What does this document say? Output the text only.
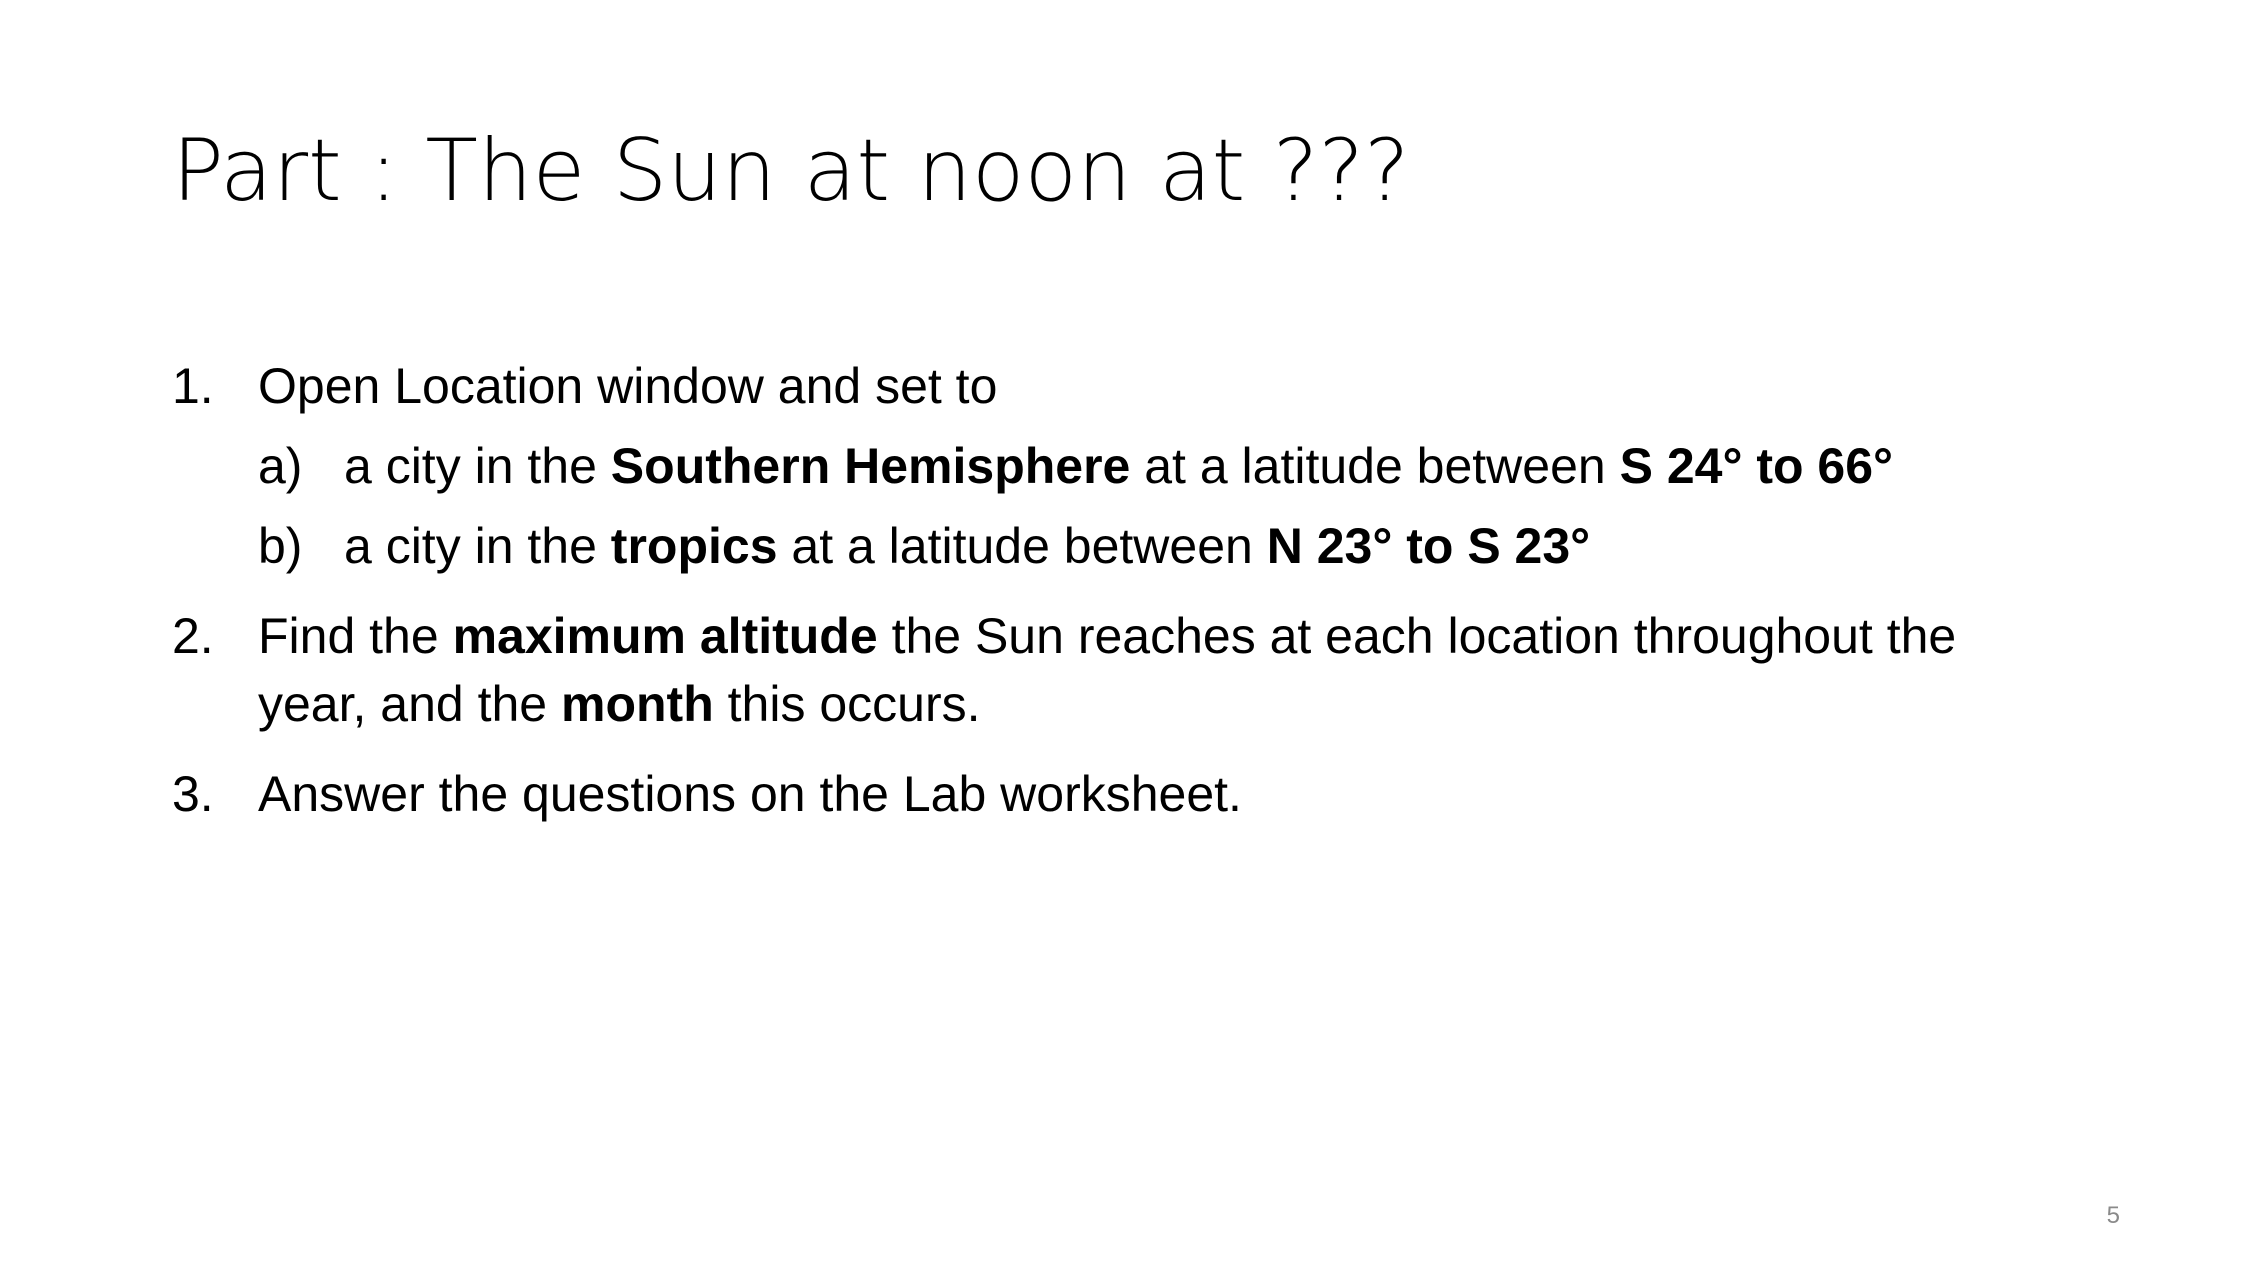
Part : The Sun at noon at ???
1. Open Location window and set to
a) a city in the Southern Hemisphere at a latitude between S 24° to 66°
b) a city in the tropics at a latitude between N 23° to S 23°
2. Find the maximum altitude the Sun reaches at each location throughout the year, and the month this occurs.
3. Answer the questions on the Lab worksheet.
5
